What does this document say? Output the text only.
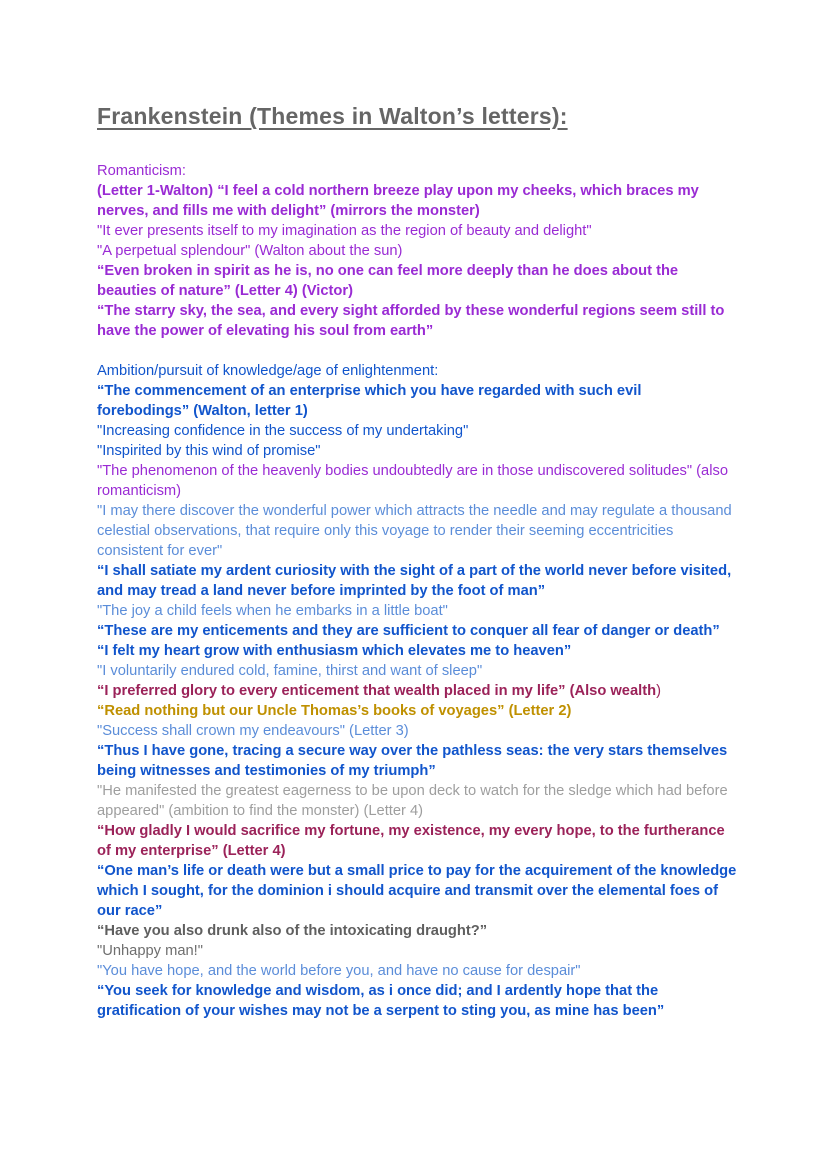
Frankenstein (Themes in Walton’s letters):

Romanticism:

(Letter 1-Walton) “I feel a cold northern breeze play upon my cheeks, which braces my nerves, and fills me with delight” (mirrors the monster)

"It ever presents itself to my imagination as the region of beauty and delight"

"A perpetual splendour" (Walton about the sun)

“Even broken in spirit as he is, no one can feel more deeply than he does about the beauties of nature” (Letter 4) (Victor)

“The starry sky, the sea, and every sight afforded by these wonderful regions seem still to have the power of elevating his soul from earth”

Ambition/pursuit of knowledge/age of enlightenment:

“The commencement of an enterprise which you have regarded with such evil forebodings” (Walton, letter 1)

"Increasing confidence in the success of my undertaking"

"Inspirited by this wind of promise"

"The phenomenon of the heavenly bodies undoubtedly are in those undiscovered solitudes" (also romanticism)

"I may there discover the wonderful power which attracts the needle and may regulate a thousand celestial observations, that require only this voyage to render their seeming eccentricities consistent for ever"

“I shall satiate my ardent curiosity with the sight of a part of the world never before visited, and may tread a land never before imprinted by the foot of man”

"The joy a child feels when he embarks in a little boat"

“These are my enticements and they are sufficient to conquer all fear of danger or death”

“I felt my heart grow with enthusiasm which elevates me to heaven”

"I voluntarily endured cold, famine, thirst and want of sleep"

“I preferred glory to every enticement that wealth placed in my life” (Also wealth)

“Read nothing but our Uncle Thomas’s books of voyages” (Letter 2)

"Success shall crown my endeavours" (Letter 3)

“Thus I have gone, tracing a secure way over the pathless seas: the very stars themselves being witnesses and testimonies of my triumph”

"He manifested the greatest eagerness to be upon deck to watch for the sledge which had before appeared" (ambition to find the monster) (Letter 4)

“How gladly I would sacrifice my fortune, my existence, my every hope, to the furtherance of my enterprise” (Letter 4)

“One man’s life or death were but a small price to pay for the acquirement of the knowledge which I sought, for the dominion i should acquire and transmit over the elemental foes of our race”

“Have you also drunk also of the intoxicating draught?”

"Unhappy man!"

"You have hope, and the world before you, and have no cause for despair"

“You seek for knowledge and wisdom, as i once did; and I ardently hope that the gratification of your wishes may not be a serpent to sting you, as mine has been”
